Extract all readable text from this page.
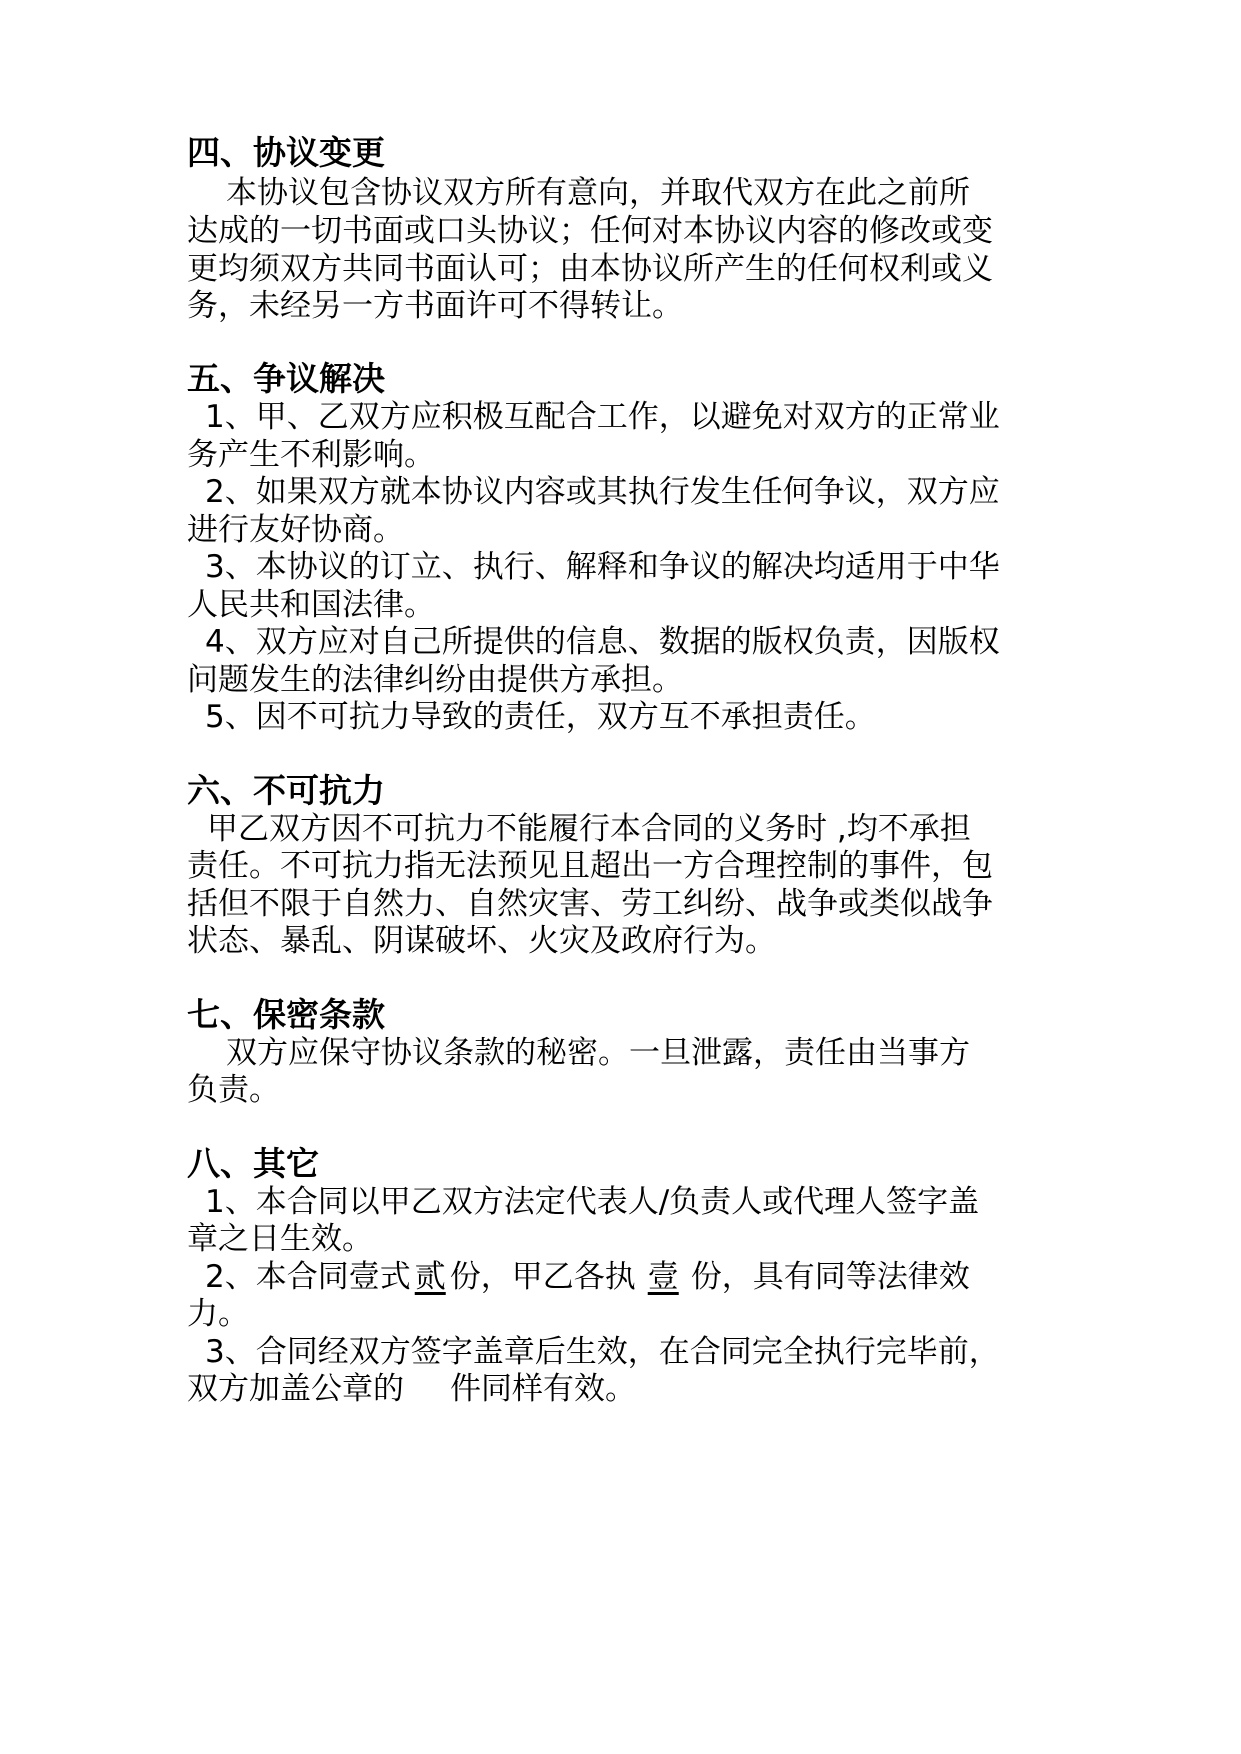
四、协议变更
本协议包含协议双方所有意向，并取代双方在此之前所
达成的一切书面或口头协议；任何对本协议内容的修改或变
更均须双方共同书面认可；由本协议所产生的任何权利或义
务，未经另一方书面许可不得转让。
五、争议解决
1、甲、乙双方应积极互配合工作，以避免对双方的正常业
务产生不利影响。
2、如果双方就本协议内容或其执行发生任何争议，双方应
进行友好协商。
3、本协议的订立、执行、解释和争议的解决均适用于中华
人民共和国法律。
4、双方应对自己所提供的信息、数据的版权负责，因版权
问题发生的法律纠纷由提供方承担。
5、因不可抗力导致的责任，双方互不承担责任。
六、不可抗力
甲乙双方因不可抗力不能履行本合同的义务时 ,均不承担
责任。不可抗力指无法预见且超出一方合理控制的事件，包
括但不限于自然力、自然灾害、劳工纠纷、战争或类似战争
状态、暴乱、阴谋破坏、火灾及政府行为。
七、保密条款
双方应保守协议条款的秘密。一旦泄露，责任由当事方
负责。
八、其它
1、本合同以甲乙双方法定代表人/负责人或代理人签字盖
章之日生效。
2、本合同壹式 贰 份，甲乙各执 壹 份，具有同等法律效
力。
3、合同经双方签字盖章后生效，在合同完全执行完毕前，
双方加盖公章的 件同样有效。
